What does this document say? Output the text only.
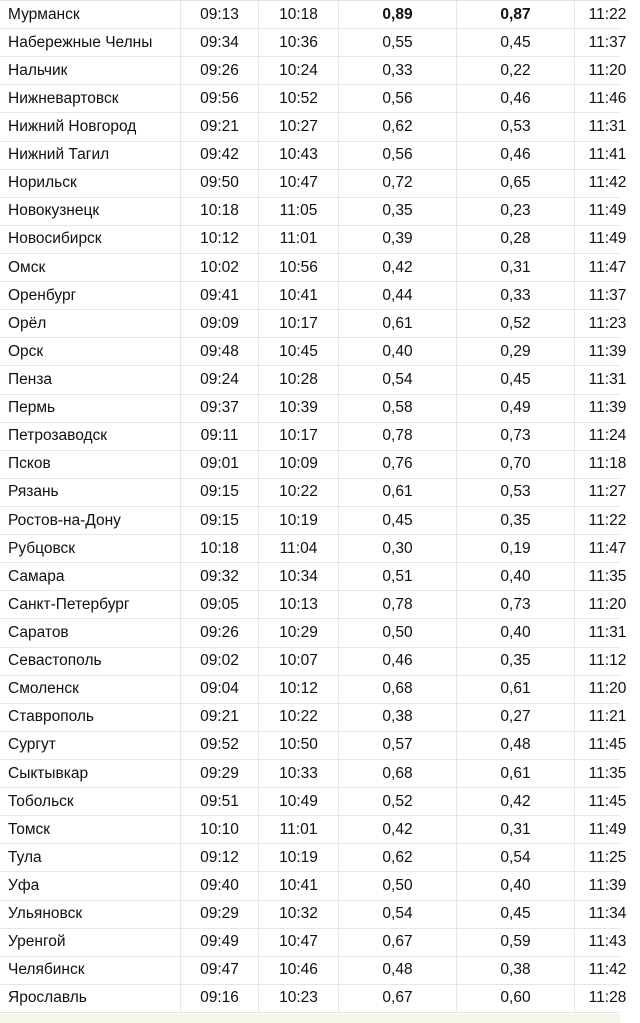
Мурманск	09:13	10:18	0,89	0,87	11:22
Набережные Челны	09:34	10:36	0,55	0,45	11:37
Нальчик	09:26	10:24	0,33	0,22	11:20
Нижневартовск	09:56	10:52	0,56	0,46	11:46
Нижний Новгород	09:21	10:27	0,62	0,53	11:31
Нижний Тагил	09:42	10:43	0,56	0,46	11:41
Норильск	09:50	10:47	0,72	0,65	11:42
Новокузнецк	10:18	11:05	0,35	0,23	11:49
Новосибирск	10:12	11:01	0,39	0,28	11:49
Омск	10:02	10:56	0,42	0,31	11:47
Оренбург	09:41	10:41	0,44	0,33	11:37
Орёл	09:09	10:17	0,61	0,52	11:23
Орск	09:48	10:45	0,40	0,29	11:39
Пенза	09:24	10:28	0,54	0,45	11:31
Пермь	09:37	10:39	0,58	0,49	11:39
Петрозаводск	09:11	10:17	0,78	0,73	11:24
Псков	09:01	10:09	0,76	0,70	11:18
Рязань	09:15	10:22	0,61	0,53	11:27
Ростов-на-Дону	09:15	10:19	0,45	0,35	11:22
Рубцовск	10:18	11:04	0,30	0,19	11:47
Самара	09:32	10:34	0,51	0,40	11:35
Санкт-Петербург	09:05	10:13	0,78	0,73	11:20
Саратов	09:26	10:29	0,50	0,40	11:31
Севастополь	09:02	10:07	0,46	0,35	11:12
Смоленск	09:04	10:12	0,68	0,61	11:20
Ставрополь	09:21	10:22	0,38	0,27	11:21
Сургут	09:52	10:50	0,57	0,48	11:45
Сыктывкар	09:29	10:33	0,68	0,61	11:35
Тобольск	09:51	10:49	0,52	0,42	11:45
Томск	10:10	11:01	0,42	0,31	11:49
Тула	09:12	10:19	0,62	0,54	11:25
Уфа	09:40	10:41	0,50	0,40	11:39
Ульяновск	09:29	10:32	0,54	0,45	11:34
Уренгой	09:49	10:47	0,67	0,59	11:43
Челябинск	09:47	10:46	0,48	0,38	11:42
Ярославль	09:16	10:23	0,67	0,60	11:28
